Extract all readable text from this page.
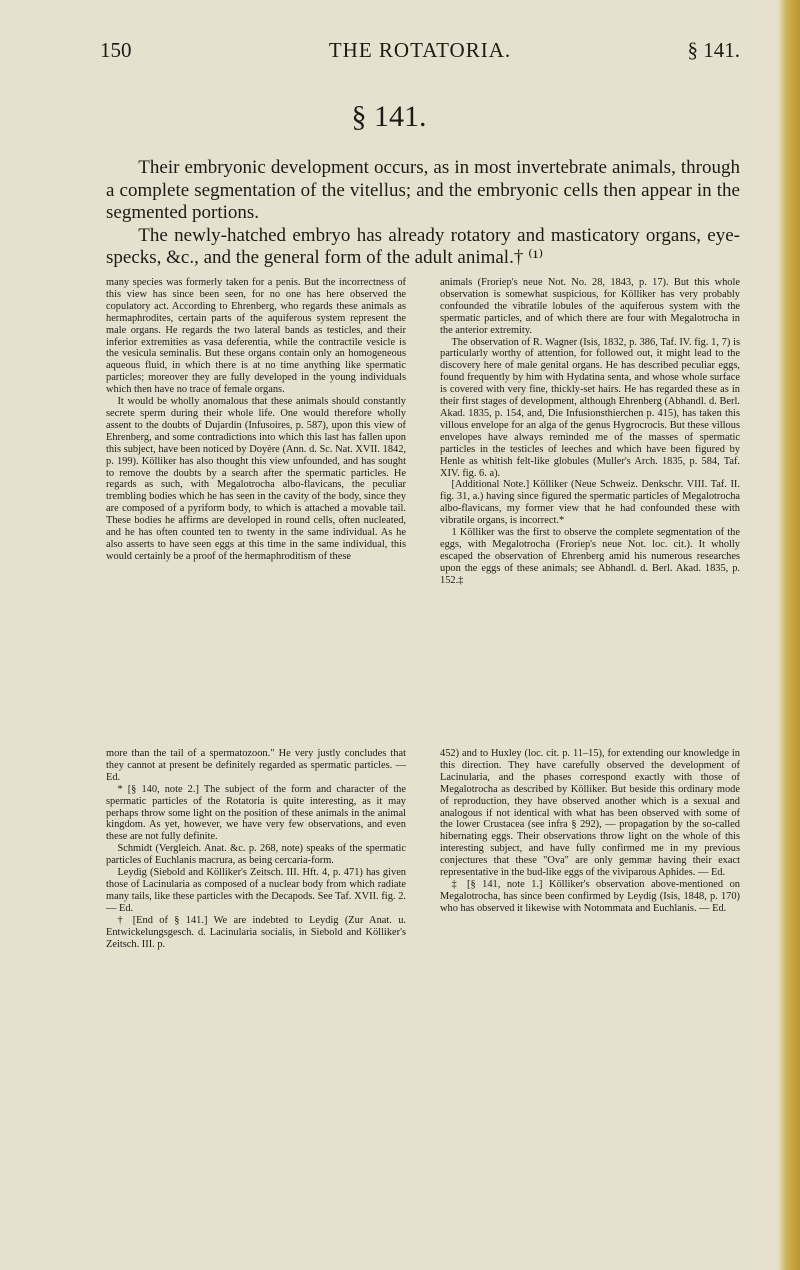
150	THE ROTATORIA.	§ 141.
§ 141.

Their embryonic development occurs, as in most invertebrate animals, through a complete segmentation of the vitellus; and the embryonic cells then appear in the segmented portions.

The newly-hatched embryo has already rotatory and masticatory organs, eye-specks, &c., and the general form of the adult animal.† ⁽¹⁾

many species was formerly taken for a penis. But the incorrectness of this view has since been seen, for no one has here observed the copulatory act. According to Ehrenberg, who regards these animals as hermaphrodites, certain parts of the aquiferous system represent the male organs. He regards the two lateral bands as testicles, and their inferior extremities as vasa deferentia, while the contractile vesicle is the vesicula seminalis. But these organs contain only an homogeneous aqueous fluid, in which there is at no time anything like spermatic particles; moreover they are fully developed in the young individuals which then have no trace of female organs.

It would be wholly anomalous that these animals should constantly secrete sperm during their whole life. One would therefore wholly assent to the doubts of Dujardin (Infusoires, p. 587), upon this view of Ehrenberg, and some contradictions into which this last has fallen upon this subject, have been noticed by Doyère (Ann. d. Sc. Nat. XVII. 1842, p. 199). Kölliker has also thought this view unfounded, and has sought to remove the doubts by a search after the spermatic particles. He regards as such, with Megalotrocha albo-flavicans, the peculiar trembling bodies which he has seen in the cavity of the body, since they are composed of a pyriform body, to which is attached a movable tail. These bodies he affirms are developed in round cells, often nucleated, and he has often counted ten to twenty in the same individual. As he also asserts to have seen eggs at this time in the same individual, this would certainly be a proof of the hermaphroditism of these

animals (Froriep's neue Not. No. 28, 1843, p. 17). But this whole observation is somewhat suspicious, for Kölliker has very probably confounded the vibratile lobules of the aquiferous system with the spermatic particles, and of which there are four with Megalotrocha in the anterior extremity.

The observation of R. Wagner (Isis, 1832, p. 386, Taf. IV. fig. 1, 7) is particularly worthy of attention, for followed out, it might lead to the discovery here of male genital organs. He has described peculiar eggs, found frequently by him with Hydatina senta, and whose whole surface is covered with very fine, thickly-set hairs. He has regarded these as in their first stages of development, although Ehrenberg (Abhandl. d. Berl. Akad. 1835, p. 154, and, Die Infusionsthierchen p. 415), has taken this villous envelope for an alga of the genus Hygrocrocis. But these villous envelopes have always reminded me of the masses of spermatic particles in the testicles of leeches and which have been figured by Henle as whitish felt-like globules (Muller's Arch. 1835, p. 584, Taf. XIV. fig. 6. a).

[Additional Note.] Kölliker (Neue Schweiz. Denkschr. VIII. Taf. II. fig. 31, a.) having since figured the spermatic particles of Megalotrocha albo-flavicans, my former view that he had confounded these with vibratile organs, is incorrect.*

1 Kölliker was the first to observe the complete segmentation of the eggs, with Megalotrocha (Froriep's neue Not. loc. cit.). It wholly escaped the observation of Ehrenberg amid his numerous researches upon the eggs of these animals; see Abhandl. d. Berl. Akad. 1835, p. 152.‡

more than the tail of a spermatozoon." He very justly concludes that they cannot at present be definitely regarded as spermatic particles. — Ed.

* [§ 140, note 2.] The subject of the form and character of the spermatic particles of the Rotatoria is quite interesting, as it may perhaps throw some light on the position of these animals in the animal kingdom. As yet, however, we have very few observations, and even these are not fully definite.

Schmidt (Vergleich. Anat. &c. p. 268, note) speaks of the spermatic particles of Euchlanis macrura, as being cercaria-form.

Leydig (Siebold and Kölliker's Zeitsch. III. Hft. 4, p. 471) has given those of Lacinularia as composed of a nuclear body from which radiate many tails, like these particles with the Decapods. See Taf. XVII. fig. 2. — Ed.

† [End of § 141.] We are indebted to Leydig (Zur Anat. u. Entwickelungsgesch. d. Lacinularia socialis, in Siebold and Kölliker's Zeitsch. III. p.

452) and to Huxley (loc. cit. p. 11–15), for extending our knowledge in this direction. They have carefully observed the development of Lacinularia, and the phases correspond exactly with those of Megalotrocha as described by Kölliker. But beside this ordinary mode of reproduction, they have observed another which is a sexual and analogous if not identical with what has been observed with some of the lower Crustacea (see infra § 292), — propagation by the so-called hibernating eggs. Their observations throw light on the whole of this interesting subject, and have fully confirmed me in my previous conjectures that these "Ova" are only gemmæ having their exact representative in the bud-like eggs of the viviparous Aphides. — Ed.

‡ [§ 141, note 1.] Kölliker's observation above-mentioned on Megalotrocha, has since been confirmed by Leydig (Isis, 1848, p. 170) who has observed it likewise with Notommata and Euchlanis. — Ed.
